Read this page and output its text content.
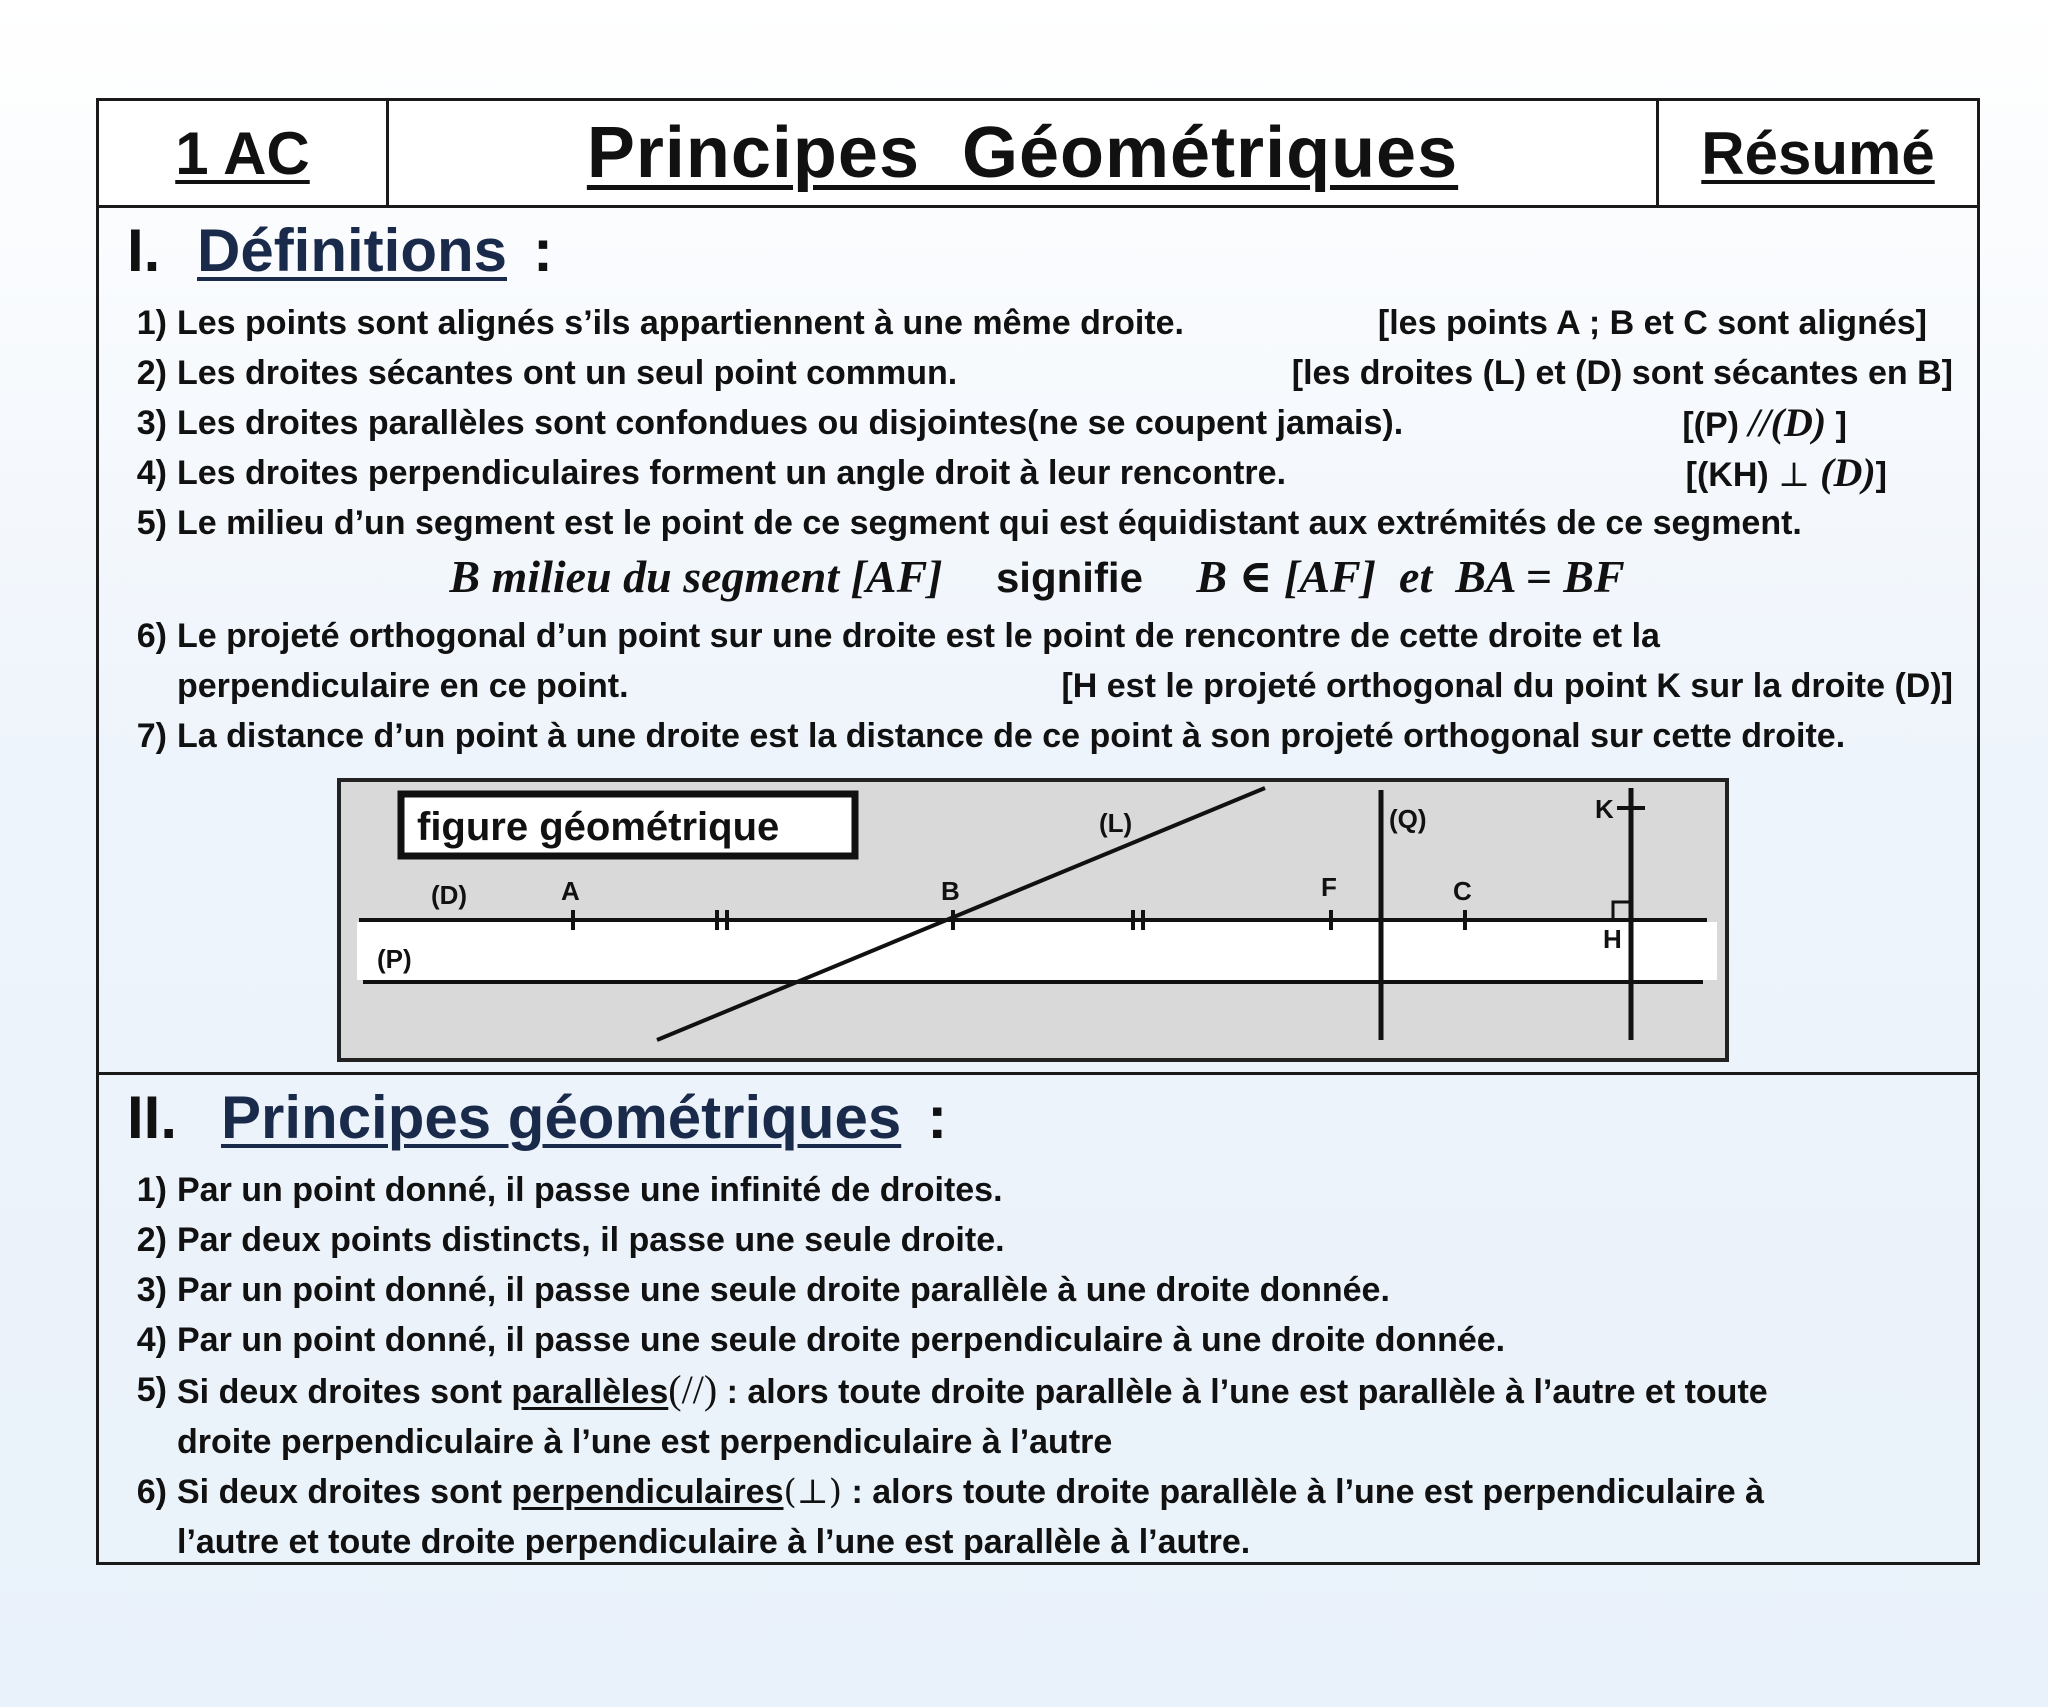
1 AC	Principes  Géométriques	Résumé
I. Définitions :
1) Les points sont alignés s’ils appartiennent à une même droite.	[les points A ; B et C sont alignés]
2) Les droites sécantes ont un seul point commun.	[les droites (L) et (D) sont sécantes en B]
3) Les droites parallèles sont confondues ou disjointes(ne se coupent jamais).	[(P) //(D) ]
4) Les droites perpendiculaires forment un angle droit à leur rencontre.	[(KH) ⊥ (D)]
5) Le milieu d’un segment est le point de ce segment qui est équidistant aux extrémités de ce segment.
B milieu du segment [AF] signifie B ∈ [AF]  et  BA = BF
6) Le projeté orthogonal d’un point sur une droite est le point de rencontre de cette droite et la
perpendiculaire en ce point.	[H est le projeté orthogonal du point K sur la droite (D)]
7) La distance d’un point à une droite est la distance de ce point à son projeté orthogonal sur cette droite.
figure géométrique
(D)
(P)
(L)	(Q)
A	B	F	C
K
H
II. Principes géométriques :
1) Par un point donné, il passe une infinité de droites.
2) Par deux points distincts, il passe une seule droite.
3) Par un point donné, il passe une seule droite parallèle à une droite donnée.
4) Par un point donné, il passe une seule droite perpendiculaire à une droite donnée.
5) Si deux droites sont parallèles(//) : alors toute droite parallèle à l’une est parallèle à l’autre et toute
droite perpendiculaire à l’une est perpendiculaire à l’autre
6) Si deux droites sont perpendiculaires(⊥) : alors toute droite parallèle à l’une est perpendiculaire à
l’autre et toute droite perpendiculaire à l’une est parallèle à l’autre.
